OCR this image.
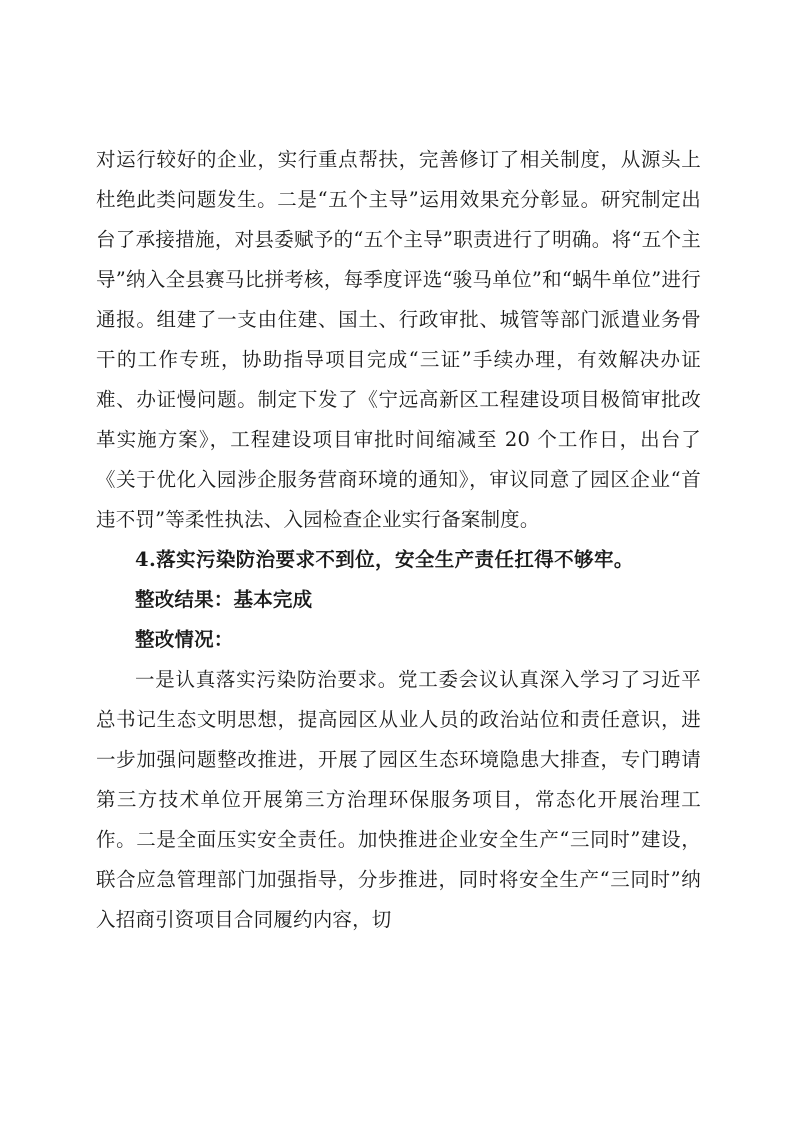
对运行较好的企业，实行重点帮扶，完善修订了相关制度，从源头上杜绝此类问题发生。二是“五个主导”运用效果充分彰显。研究制定出台了承接措施，对县委赋予的“五个主导”职责进行了明确。将“五个主导”纳入全县赛马比拼考核，每季度评选“骏马单位”和“蜗牛单位”进行通报。组建了一支由住建、国土、行政审批、城管等部门派遣业务骨干的工作专班，协助指导项目完成“三证”手续办理，有效解决办证难、办证慢问题。制定下发了《宁远高新区工程建设项目极简审批改革实施方案》，工程建设项目审批时间缩减至 20 个工作日，出台了《关于优化入园涉企服务营商环境的通知》，审议同意了园区企业“首违不罚”等柔性执法、入园检查企业实行备案制度。

4.落实污染防治要求不到位，安全生产责任扛得不够牢。

整改结果：基本完成

整改情况：

一是认真落实污染防治要求。党工委会议认真深入学习了习近平总书记生态文明思想，提高园区从业人员的政治站位和责任意识，进一步加强问题整改推进，开展了园区生态环境隐患大排查，专门聘请第三方技术单位开展第三方治理环保服务项目，常态化开展治理工作。二是全面压实安全责任。加快推进企业安全生产“三同时”建设，联合应急管理部门加强指导，分步推进，同时将安全生产“三同时”纳入招商引资项目合同履约内容，切
